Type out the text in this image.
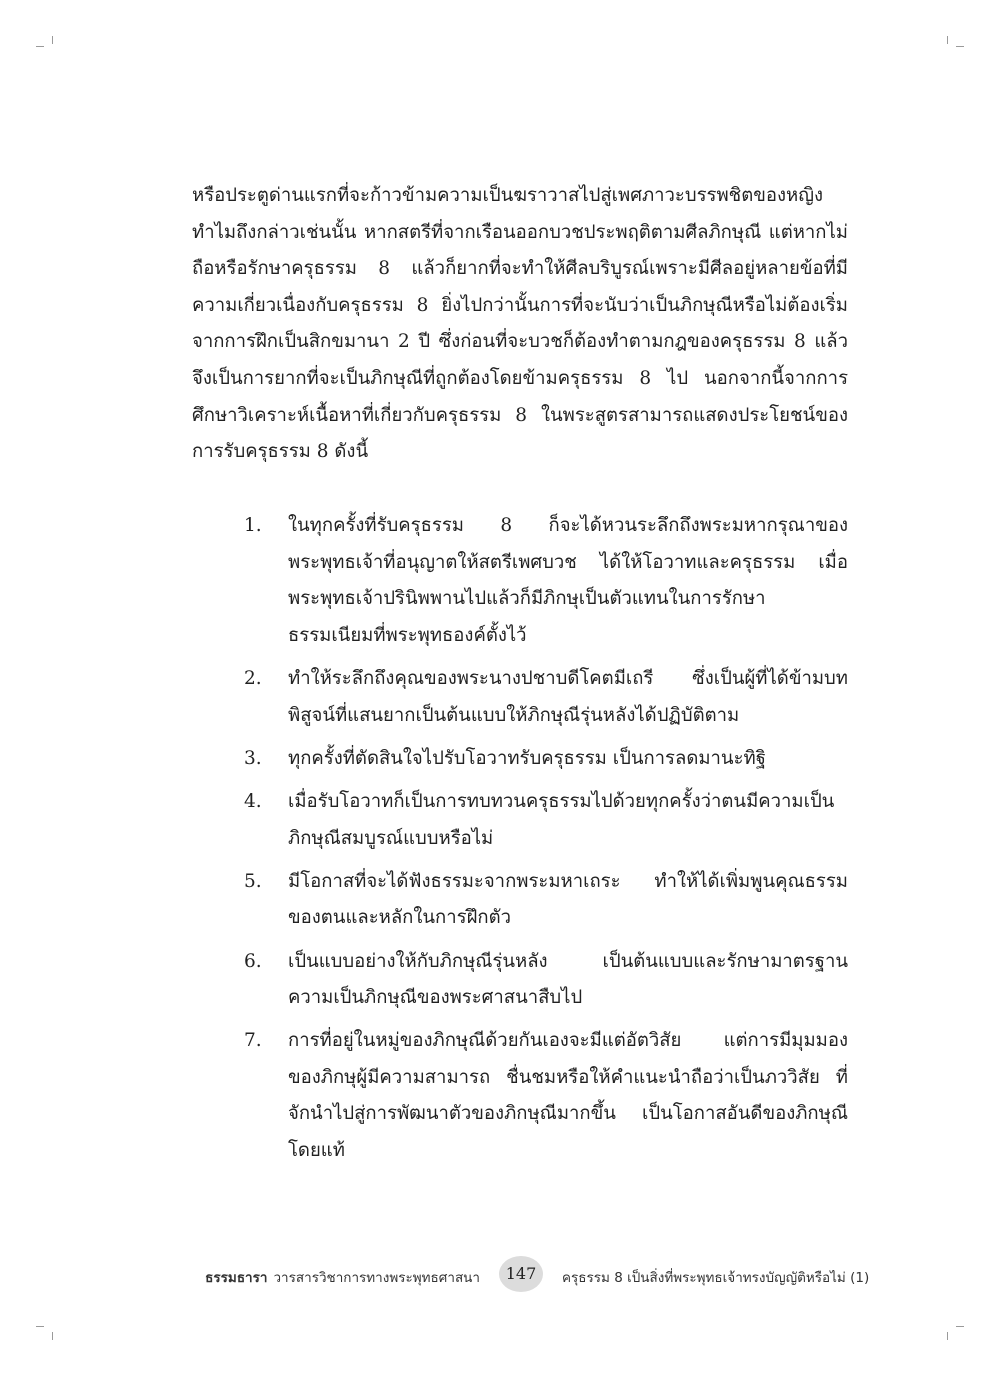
หรือประตูด่านแรกที่จะก้าวข้ามความเป็นฆราวาสไปสู่เพศภาวะบรรพชิตของหญิง
ทำไมถึงกล่าวเช่นนั้น หากสตรีที่จากเรือนออกบวชประพฤติตามศีลภิกษุณี แต่หากไม่
ถือหรือรักษาครุธรรม 8 แล้วก็ยากที่จะทำให้ศีลบริบูรณ์เพราะมีศีลอยู่หลายข้อที่มี
ความเกี่ยวเนื่องกับครุธรรม 8 ยิ่งไปกว่านั้นการที่จะนับว่าเป็นภิกษุณีหรือไม่ต้องเริ่ม
จากการฝึกเป็นสิกขมานา 2 ปี ซึ่งก่อนที่จะบวชก็ต้องทำตามกฎของครุธรรม 8 แล้ว
จึงเป็นการยากที่จะเป็นภิกษุณีที่ถูกต้องโดยข้ามครุธรรม 8 ไป นอกจากนี้จากการ
ศึกษาวิเคราะห์เนื้อหาที่เกี่ยวกับครุธรรม 8 ในพระสูตรสามารถแสดงประโยชน์ของ
การรับครุธรรม 8 ดังนี้
1. ในทุกครั้งที่รับครุธรรม 8 ก็จะได้หวนระลึกถึงพระมหากรุณาของ
พระพุทธเจ้าที่อนุญาตให้สตรีเพศบวช ได้ให้โอวาทและครุธรรม เมื่อ
พระพุทธเจ้าปรินิพพานไปแล้วก็มีภิกษุเป็นตัวแทนในการรักษา
ธรรมเนียมที่พระพุทธองค์ตั้งไว้
2. ทำให้ระลึกถึงคุณของพระนางปชาบดีโคตมีเถรี ซึ่งเป็นผู้ที่ได้ข้ามบท
พิสูจน์ที่แสนยากเป็นต้นแบบให้ภิกษุณีรุ่นหลังได้ปฏิบัติตาม
3. ทุกครั้งที่ตัดสินใจไปรับโอวาทรับครุธรรม เป็นการลดมานะทิฐิ
4. เมื่อรับโอวาทก็เป็นการทบทวนครุธรรมไปด้วยทุกครั้งว่าตนมีความเป็น
ภิกษุณีสมบูรณ์แบบหรือไม่
5. มีโอกาสที่จะได้ฟังธรรมะจากพระมหาเถระ ทำให้ได้เพิ่มพูนคุณธรรม
ของตนและหลักในการฝึกตัว
6. เป็นแบบอย่างให้กับภิกษุณีรุ่นหลัง เป็นต้นแบบและรักษามาตรฐาน
ความเป็นภิกษุณีของพระศาสนาสืบไป
7. การที่อยู่ในหมู่ของภิกษุณีด้วยกันเองจะมีแต่อัตวิสัย แต่การมีมุมมอง
ของภิกษุผู้มีความสามารถ ชื่นชมหรือให้คำแนะนำถือว่าเป็นภววิสัย ที่
จักนำไปสู่การพัฒนาตัวของภิกษุณีมากขึ้น เป็นโอกาสอันดีของภิกษุณี
โดยแท้
ธรรมธารา วารสารวิชาการทางพระพุทธศาสนา	147	ครุธรรม 8 เป็นสิ่งที่พระพุทธเจ้าทรงบัญญัติหรือไม่ (1)
